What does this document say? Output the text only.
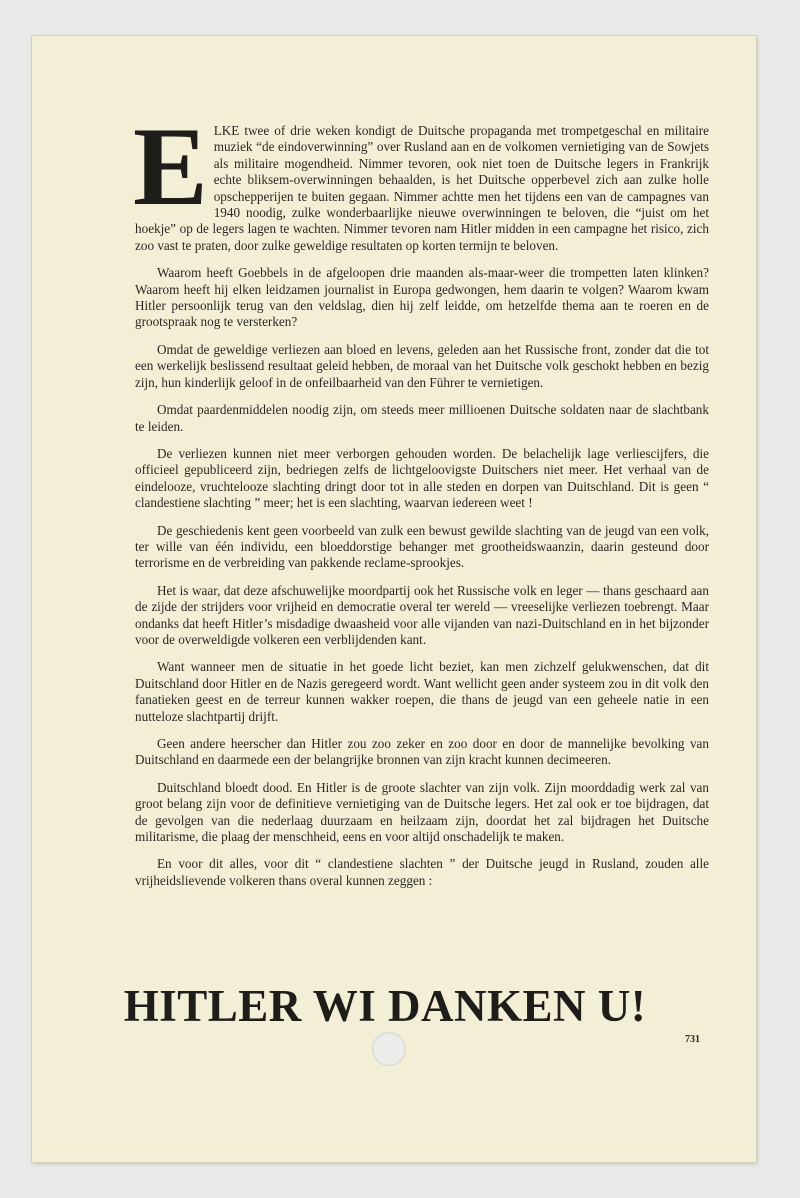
ELKE twee of drie weken kondigt de Duitsche propaganda met trompetgeschal en militaire muziek “de eindoverwinning” over Rusland aan en de volkomen vernietiging van de Sowjets als militaire mogendheid. Nimmer tevoren, ook niet toen de Duitsche legers in Frankrijk echte bliksem-overwinningen behaalden, is het Duitsche opperbevel zich aan zulke holle opschepperijen te buiten gegaan. Nimmer achtte men het tijdens een van de campagnes van 1940 noodig, zulke wonderbaarlijke nieuwe overwinningen te beloven, die “juist om het hoekje” op de legers lagen te wachten. Nimmer tevoren nam Hitler midden in een campagne het risico, zich zoo vast te praten, door zulke geweldige resultaten op korten termijn te beloven.

Waarom heeft Goebbels in de afgeloopen drie maanden als-maar-weer die trompetten laten klinken? Waarom heeft hij elken leidzamen journalist in Europa gedwongen, hem daarin te volgen? Waarom kwam Hitler persoonlijk terug van den veldslag, dien hij zelf leidde, om hetzelfde thema aan te roeren en de grootspraak nog te versterken?

Omdat de geweldige verliezen aan bloed en levens, geleden aan het Russische front, zonder dat die tot een werkelijk beslissend resultaat geleid hebben, de moraal van het Duitsche volk geschokt hebben en bezig zijn, hun kinderlijk geloof in de onfeilbaarheid van den Führer te vernietigen.

Omdat paardenmiddelen noodig zijn, om steeds meer millioenen Duitsche soldaten naar de slachtbank te leiden.

De verliezen kunnen niet meer verborgen gehouden worden. De belachelijk lage verliescijfers, die officieel gepubliceerd zijn, bedriegen zelfs de lichtgeloovigste Duitschers niet meer. Het verhaal van de eindelooze, vruchtelooze slachting dringt door tot in alle steden en dorpen van Duitschland. Dit is geen “ clandestiene slachting ” meer; het is een slachting, waarvan iedereen weet !

De geschiedenis kent geen voorbeeld van zulk een bewust gewilde slachting van de jeugd van een volk, ter wille van één individu, een bloeddorstige behanger met grootheidswaanzin, daarin gesteund door terrorisme en de verbreiding van pakkende reclame-sprookjes.

Het is waar, dat deze afschuwelijke moordpartij ook het Russische volk en leger — thans geschaard aan de zijde der strijders voor vrijheid en democratie overal ter wereld — vreeselijke verliezen toebrengt. Maar ondanks dat heeft Hitler’s misdadige dwaasheid voor alle vijanden van nazi-Duitschland en in het bijzonder voor de overweldigde volkeren een verblijdenden kant.

Want wanneer men de situatie in het goede licht beziet, kan men zichzelf gelukwenschen, dat dit Duitschland door Hitler en de Nazis geregeerd wordt. Want wellicht geen ander systeem zou in dit volk den fanatieken geest en de terreur kunnen wakker roepen, die thans de jeugd van een geheele natie in een nutteloze slachtpartij drijft.

Geen andere heerscher dan Hitler zou zoo zeker en zoo door en door de mannelijke bevolking van Duitschland en daarmede een der belangrijke bronnen van zijn kracht kunnen decimeeren.

Duitschland bloedt dood. En Hitler is de groote slachter van zijn volk. Zijn moorddadig werk zal van groot belang zijn voor de definitieve vernietiging van de Duitsche legers. Het zal ook er toe bijdragen, dat de gevolgen van die nederlaag duurzaam en heilzaam zijn, doordat het zal bijdragen het Duitsche militarisme, die plaag der menschheid, eens en voor altijd onschadelijk te maken.

En voor dit alles, voor dit “ clandestiene slachten ” der Duitsche jeugd in Rusland, zouden alle vrijheidslievende volkeren thans overal kunnen zeggen :

HITLER WI DANKEN U!
731
